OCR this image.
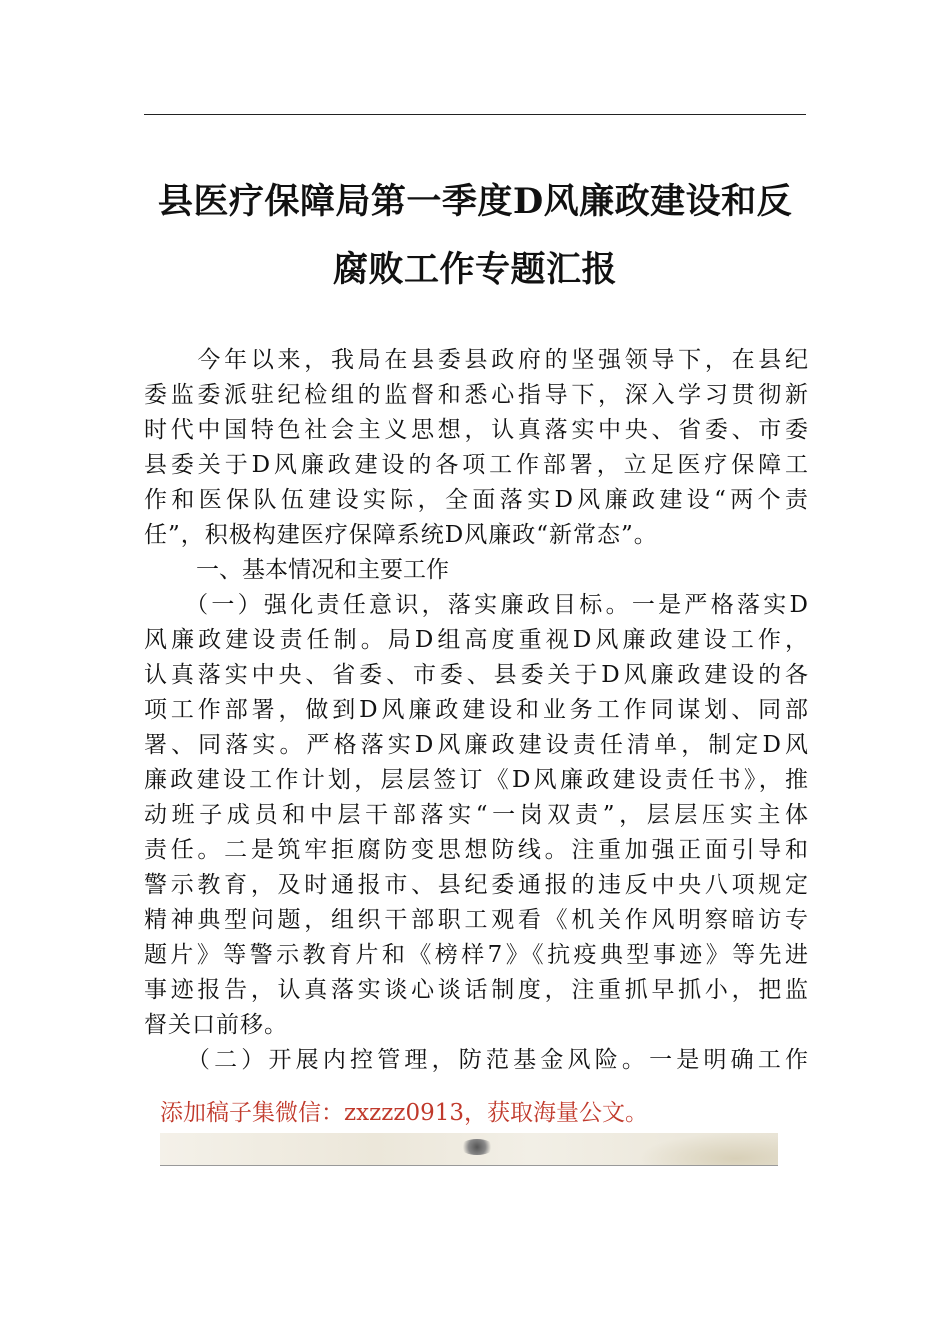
县医疗保障局第一季度D风廉政建设和反
腐败工作专题汇报
　　今年以来，我局在县委县政府的坚强领导下，在县纪
委监委派驻纪检组的监督和悉心指导下，深入学习贯彻新
时代中国特色社会主义思想，认真落实中央、省委、市委
县委关于D风廉政建设的各项工作部署，立足医疗保障工
作和医保队伍建设实际，全面落实D风廉政建设“两个责
任”，积极构建医疗保障系统D风廉政“新常态”。
一、基本情况和主要工作
　　（一）强化责任意识，落实廉政目标。一是严格落实D
风廉政建设责任制。局D组高度重视D风廉政建设工作，
认真落实中央、省委、市委、县委关于D风廉政建设的各
项工作部署，做到D风廉政建设和业务工作同谋划、同部
署、同落实。严格落实D风廉政建设责任清单，制定D风
廉政建设工作计划，层层签订《D风廉政建设责任书》，推
动班子成员和中层干部落实“一岗双责”，层层压实主体
责任。二是筑牢拒腐防变思想防线。注重加强正面引导和
警示教育，及时通报市、县纪委通报的违反中央八项规定
精神典型问题，组织干部职工观看《机关作风明察暗访专
题片》等警示教育片和《榜样7》《抗疫典型事迹》等先进
事迹报告，认真落实谈心谈话制度，注重抓早抓小，把监
督关口前移。
　　（二）开展内控管理，防范基金风险。一是明确工作
添加稿子集微信：zxzzz0913，获取海量公文。
